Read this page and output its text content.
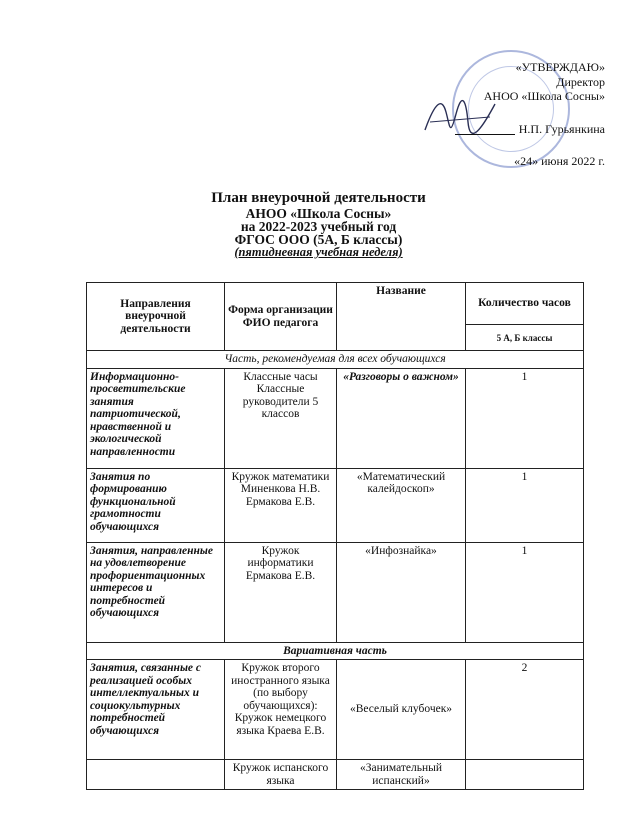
«УТВЕРЖДАЮ»
Директор
АНОО «Школа Сосны»
Н.П. Гурьянкина
«24» июня 2022 г.
План внеурочной деятельности
АНОО «Школа Сосны»
на 2022-2023 учебный год
ФГОС ООО (5А, Б классы)
(пятидневная учебная неделя)
Направления внеурочной деятельности	Форма организации ФИО педагога	Название	Количество часов
			5 А, Б классы
Часть, рекомендуемая для всех обучающихся			
Информационно-просветительские занятия патриотической, нравственной и экологической направленности	Классные часы Классные руководители 5 классов	«Разговоры о важном»	1
Занятия по формированию функциональной грамотности обучающихся	Кружок математики Миненкова Н.В. Ермакова Е.В.	«Математический калейдоскоп»	1
Занятия, направленные на удовлетворение профориентационных интересов и потребностей обучающихся	Кружок информатики Ермакова Е.В.	«Инфознайка»	1
Вариативная часть			
Занятия, связанные с реализацией особых интеллектуальных и социокультурных потребностей обучающихся	Кружок второго иностранного языка (по выбору обучающихся): Кружок немецкого языка Краева Е.В.	«Веселый клубочек»	2
	Кружок испанского языка	«Занимательный испанский»	
